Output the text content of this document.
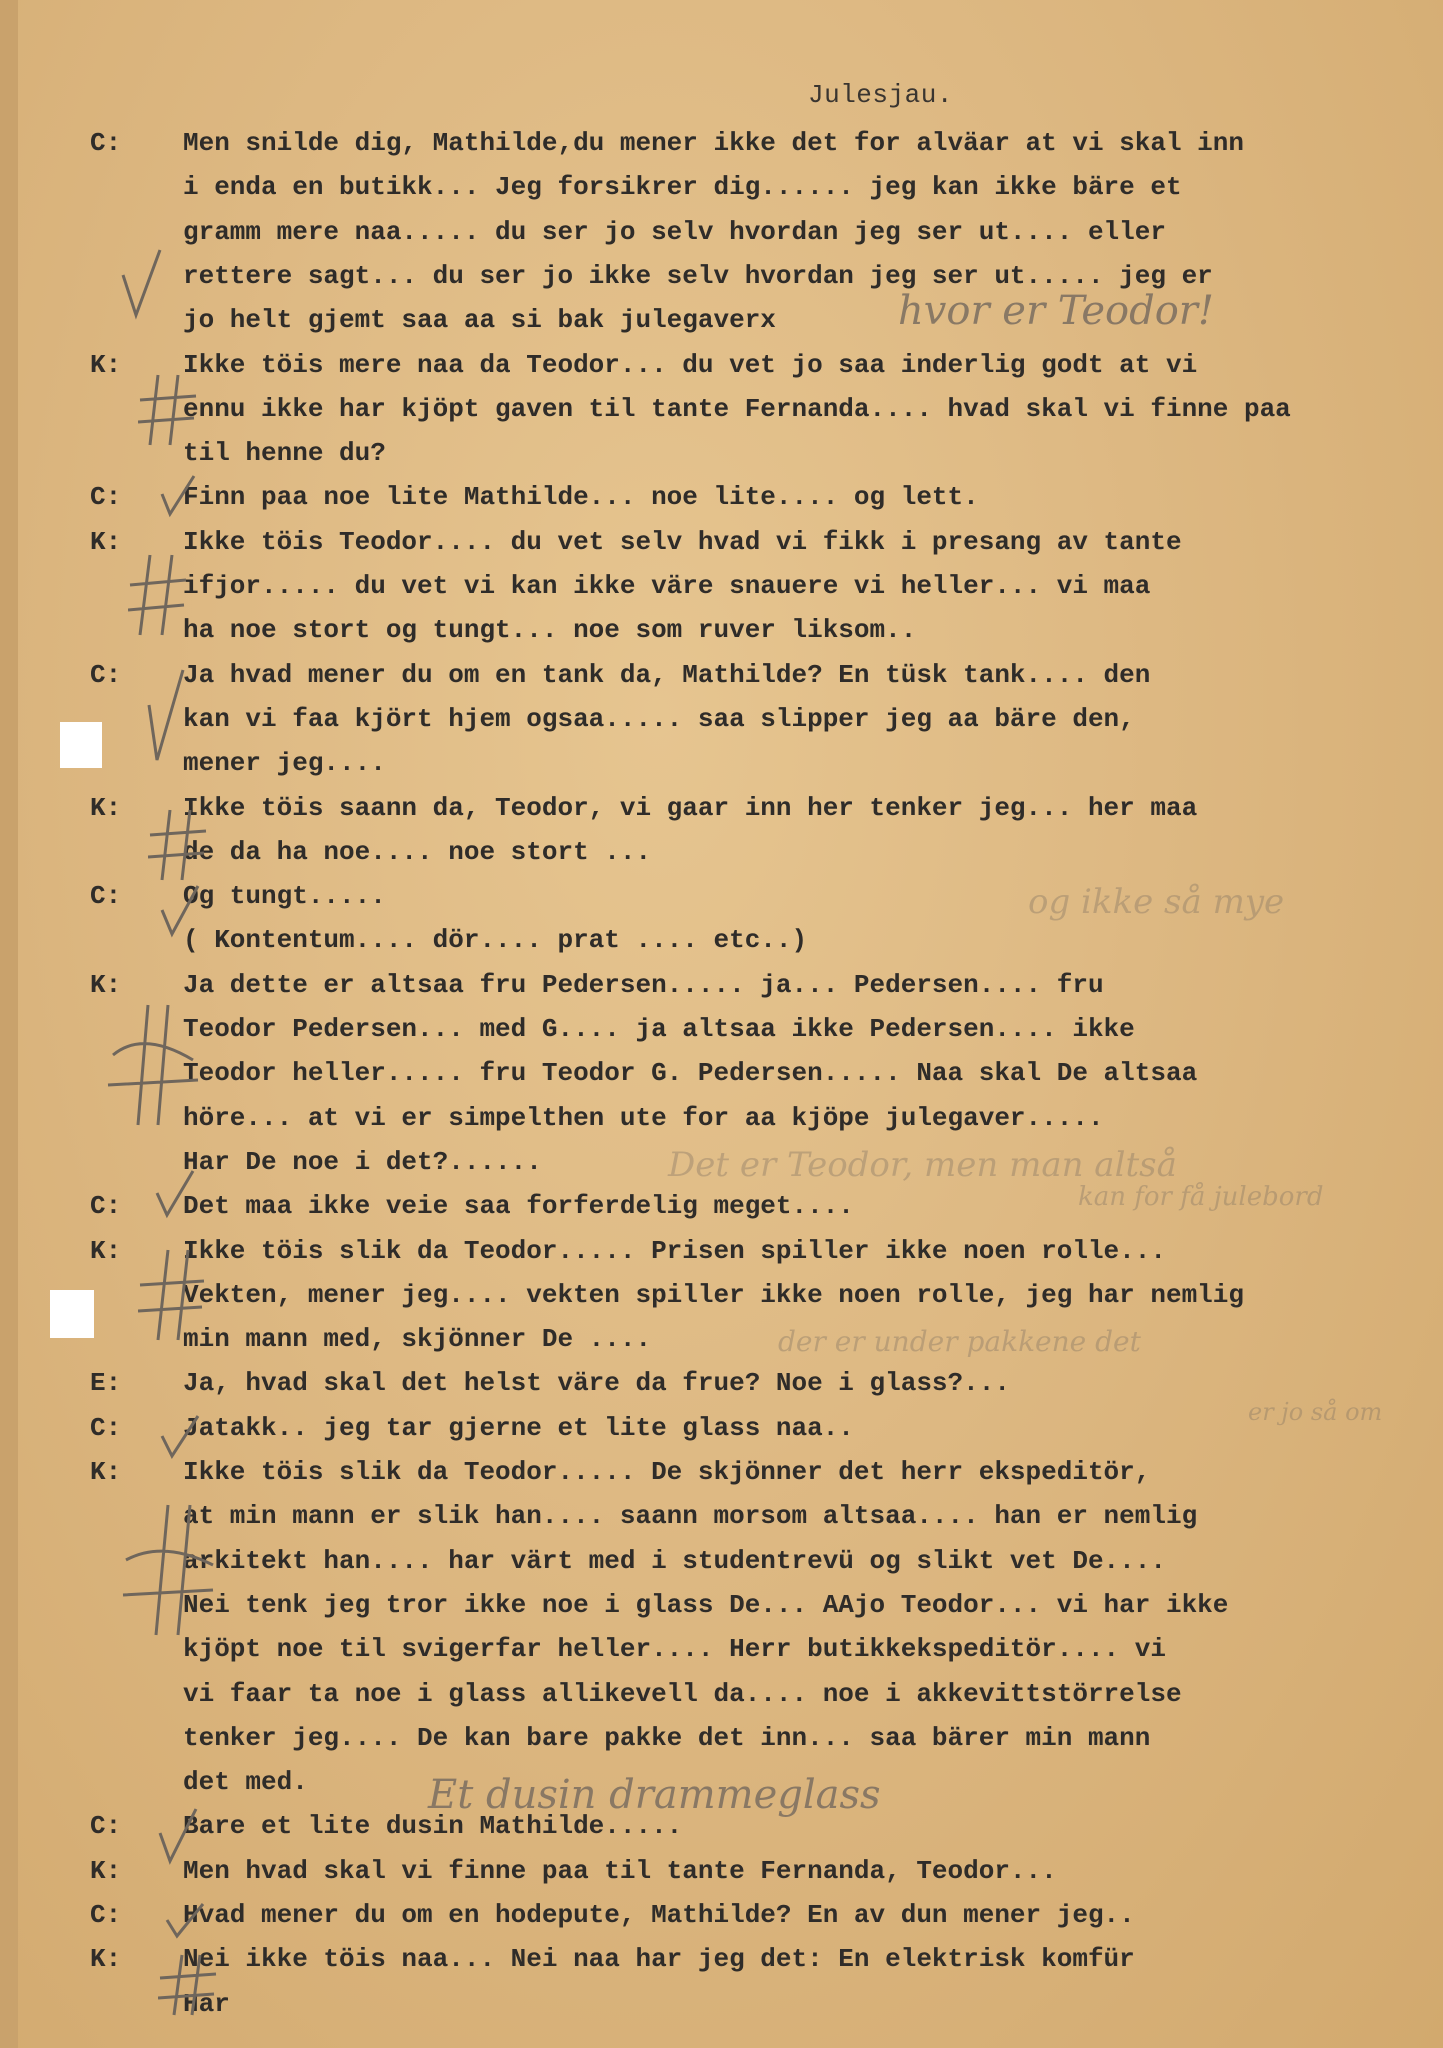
Julesjau.
C:	Men snilde dig, Mathilde,du mener ikke det for alväar at vi skal inn
i enda en butikk... Jeg forsikrer dig...... jeg kan ikke bäre et
gramm mere naa..... du ser jo selv hvordan jeg ser ut.... eller
rettere sagt... du ser jo ikke selv hvordan jeg ser ut..... jeg er
jo helt gjemt saa aa si bak julegaverx
K:	Ikke töis mere naa da Teodor... du vet jo saa inderlig godt at vi
ennu ikke har kjöpt gaven til tante Fernanda.... hvad skal vi finne paa
til henne du?
C:	Finn paa noe lite Mathilde... noe lite.... og lett.
K:	Ikke töis Teodor.... du vet selv hvad vi fikk i presang av tante
ifjor..... du vet vi kan ikke väre snauere vi heller... vi maa
ha noe stort og tungt... noe som ruver liksom..
C:	Ja hvad mener du om en tank da, Mathilde? En tüsk tank.... den
kan vi faa kjört hjem ogsaa..... saa slipper jeg aa bäre den,
mener jeg....
K:	Ikke töis saann da, Teodor, vi gaar inn her tenker jeg... her maa
de da ha noe.... noe stort ...
C:	Og tungt.....
( Kontentum.... dör.... prat .... etc..)
K:	Ja dette er altsaa fru Pedersen..... ja... Pedersen.... fru
Teodor Pedersen... med G.... ja altsaa ikke Pedersen.... ikke
Teodor heller..... fru Teodor G. Pedersen..... Naa skal De altsaa
höre... at vi er simpelthen ute for aa kjöpe julegaver.....
Har De noe i det?......
C:	Det maa ikke veie saa forferdelig meget....
K:	Ikke töis slik da Teodor..... Prisen spiller ikke noen rolle...
Vekten, mener jeg.... vekten spiller ikke noen rolle, jeg har nemlig
min mann med, skjönner De ....
E:	Ja, hvad skal det helst väre da frue? Noe i glass?...
C:	Jatakk.. jeg tar gjerne et lite glass naa..
K:	Ikke töis slik da Teodor..... De skjönner det herr ekspeditör,
at min mann er slik han.... saann morsom altsaa.... han er nemlig
arkitekt han.... har värt med i studentrevü og slikt vet De....
Nei tenk jeg tror ikke noe i glass De... AAjo Teodor... vi har ikke
kjöpt noe til svigerfar heller.... Herr butikkekspeditör.... vi
vi faar ta noe i glass allikevell da.... noe i akkevittstörrelse
tenker jeg.... De kan bare pakke det inn... saa bärer min mann
det med.
C:	Bare et lite dusin Mathilde.....
K:	Men hvad skal vi finne paa til tante Fernanda, Teodor...
C:	Hvad mener du om en hodepute, Mathilde? En av dun mener jeg..
K:	Nei ikke töis naa... Nei naa har jeg det: En elektrisk komfür
Har
hvor er Teodor!
Et dusin drammeglass
og ikke så mye
Det er Teodor, men man altså
kan for få julebord
der er under pakkene det
er jo så om
